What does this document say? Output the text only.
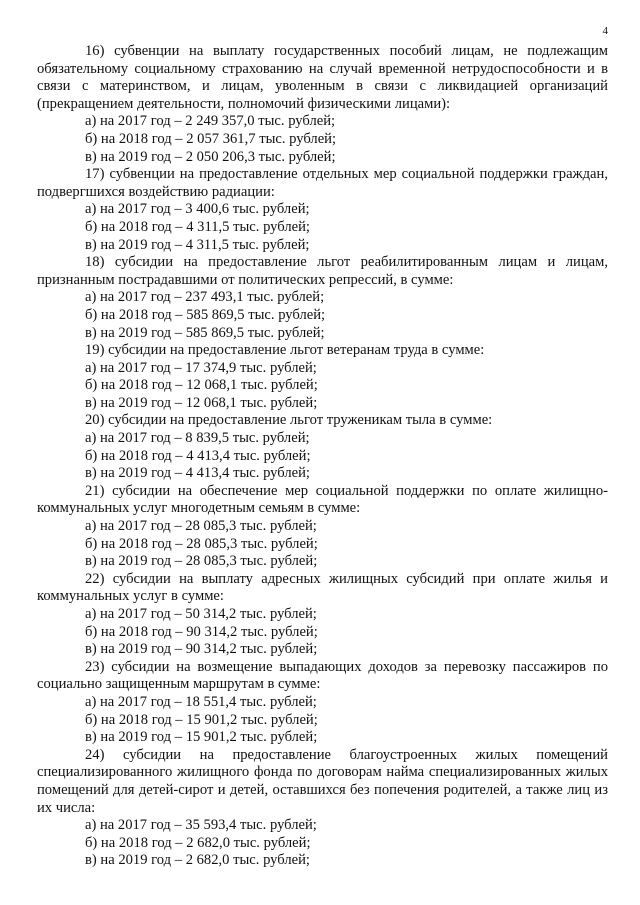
4

16) субвенции на выплату государственных пособий лицам, не подлежащим обязательному социальному страхованию на случай временной нетрудоспособности и в связи с материнством, и лицам, уволенным в связи с ликвидацией организаций (прекращением деятельности, полномочий физическими лицами):

а) на 2017 год – 2 249 357,0 тыс. рублей;

б) на 2018 год – 2 057 361,7 тыс. рублей;

в) на 2019 год – 2 050 206,3 тыс. рублей;

17) субвенции на предоставление отдельных мер социальной поддержки граждан, подвергшихся воздействию радиации:

а) на 2017 год – 3 400,6 тыс. рублей;

б) на 2018 год – 4 311,5 тыс. рублей;

в) на 2019 год – 4 311,5 тыс. рублей;

18) субсидии на предоставление льгот реабилитированным лицам и лицам, признанным пострадавшими от политических репрессий, в сумме:

а) на 2017 год – 237 493,1 тыс. рублей;

б) на 2018 год – 585 869,5 тыс. рублей;

в) на 2019 год – 585 869,5 тыс. рублей;

19) субсидии на предоставление льгот ветеранам труда в сумме:

а) на 2017 год – 17 374,9 тыс. рублей;

б) на 2018 год – 12 068,1 тыс. рублей;

в) на 2019 год – 12 068,1 тыс. рублей;

20) субсидии на предоставление льгот труженикам тыла в сумме:

а) на 2017 год – 8 839,5 тыс. рублей;

б) на 2018 год – 4 413,4 тыс. рублей;

в) на 2019 год – 4 413,4 тыс. рублей;

21) субсидии на обеспечение мер социальной поддержки по оплате жилищно-коммунальных услуг многодетным семьям в сумме:

а) на 2017 год – 28 085,3 тыс. рублей;

б) на 2018 год – 28 085,3 тыс. рублей;

в) на 2019 год – 28 085,3 тыс. рублей;

22) субсидии на выплату адресных жилищных субсидий при оплате жилья и коммунальных услуг в сумме:

а) на 2017 год – 50 314,2 тыс. рублей;

б) на 2018 год – 90 314,2 тыс. рублей;

в) на 2019 год – 90 314,2 тыс. рублей;

23) субсидии на возмещение выпадающих доходов за перевозку пассажиров по социально защищенным маршрутам в сумме:

а) на 2017 год – 18 551,4 тыс. рублей;

б) на 2018 год – 15 901,2 тыс. рублей;

в) на 2019 год – 15 901,2 тыс. рублей;

24) субсидии на предоставление благоустроенных жилых помещений специализированного жилищного фонда по договорам найма специализированных жилых помещений для детей-сирот и детей, оставшихся без попечения родителей, а также лиц из их числа:

а) на 2017 год – 35 593,4 тыс. рублей;

б) на 2018 год – 2 682,0 тыс. рублей;

в) на 2019 год – 2 682,0 тыс. рублей;
